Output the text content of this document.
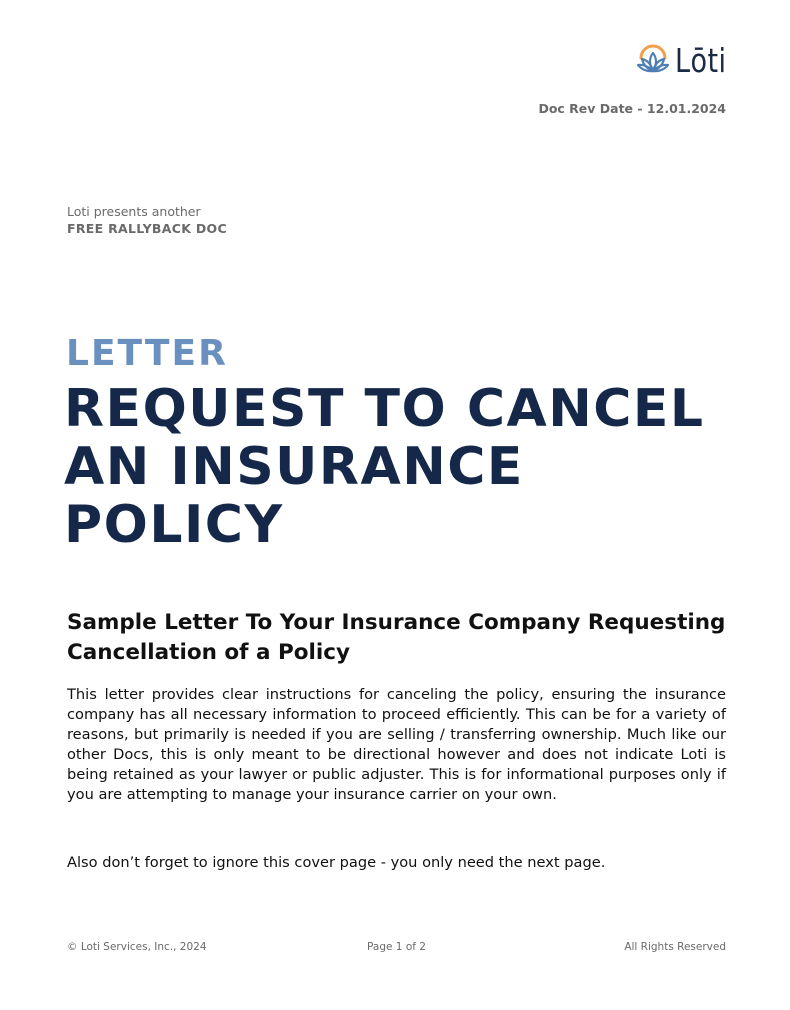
Lōti
Doc Rev Date - 12.01.2024
Loti presents another
FREE RALLYBACK DOC
LETTER
REQUEST TO CANCEL AN INSURANCE POLICY
Sample Letter To Your Insurance Company Requesting Cancellation of a Policy

This letter provides clear instructions for canceling the policy, ensuring the insurance company has all necessary information to proceed efficiently. This can be for a variety of reasons, but primarily is needed if you are selling / transferring ownership. Much like our other Docs, this is only meant to be directional however and does not indicate Loti is being retained as your lawyer or public adjuster. This is for informational purposes only if you are attempting to manage your insurance carrier on your own.

Also don’t forget to ignore this cover page - you only need the next page.

© Loti Services, Inc., 2024	Page 1 of 2	All Rights Reserved
